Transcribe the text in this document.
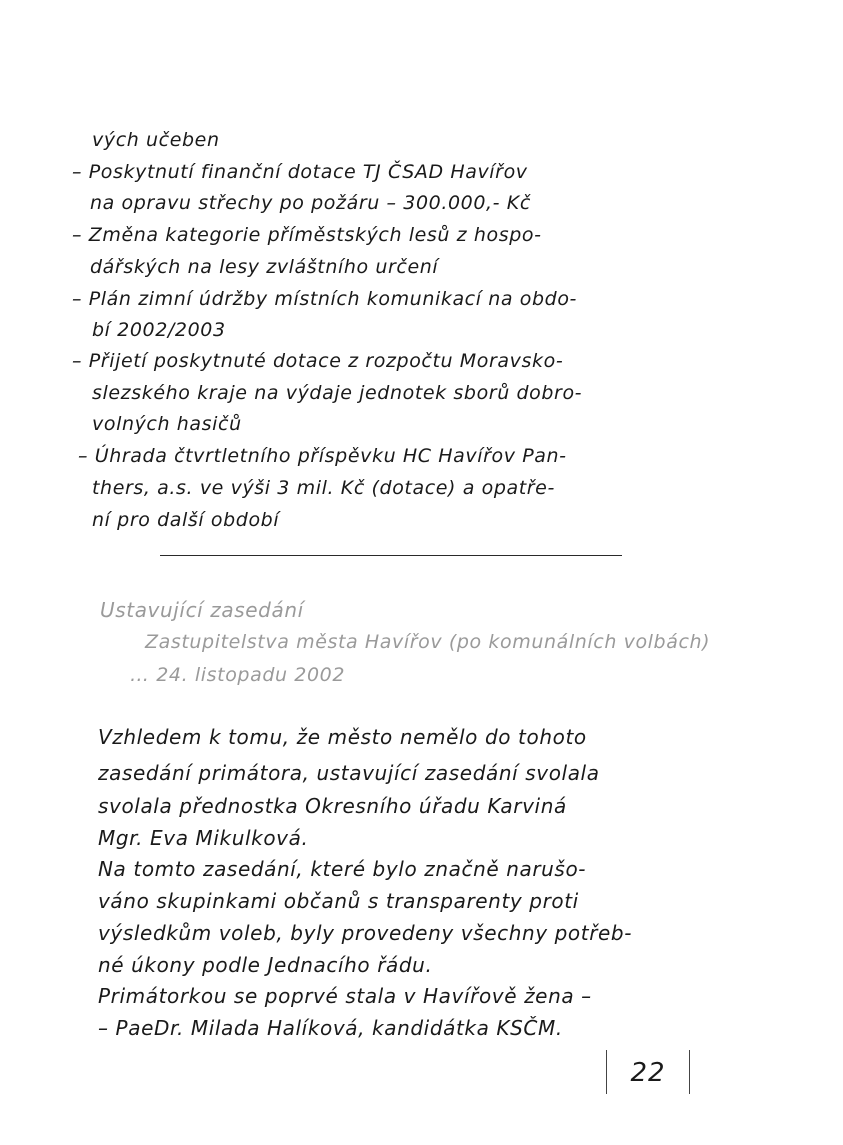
vých učeben
– Poskytnutí finanční dotace TJ ČSAD Havířov
na opravu střechy po požáru – 300.000,- Kč
– Změna kategorie příměstských lesů z hospo-
dářských na lesy zvláštního určení
– Plán zimní údržby místních komunikací na obdo-
bí 2002/2003
– Přijetí poskytnuté dotace z rozpočtu Moravsko-
slezského kraje na výdaje jednotek sborů dobro-
volných hasičů
– Úhrada čtvrtletního příspěvku HC Havířov Pan-
thers, a.s. ve výši 3 mil. Kč (dotace) a opatře-
ní pro další období
Ustavující zasedání
Zastupitelstva města Havířov (po komunálních volbách)
… 24. listopadu 2002
Vzhledem k tomu, že město nemělo do tohoto
zasedání primátora, ustavující zasedání svolala
svolala přednostka Okresního úřadu Karviná
Mgr. Eva Mikulková.
Na tomto zasedání, které bylo značně narušo-
váno skupinkami občanů s transparenty proti
výsledkům voleb, byly provedeny všechny potřeb-
né úkony podle Jednacího řádu.
Primátorkou se poprvé stala v Havířově žena –
– PaeDr. Milada Halíková, kandidátka KSČM.
22
